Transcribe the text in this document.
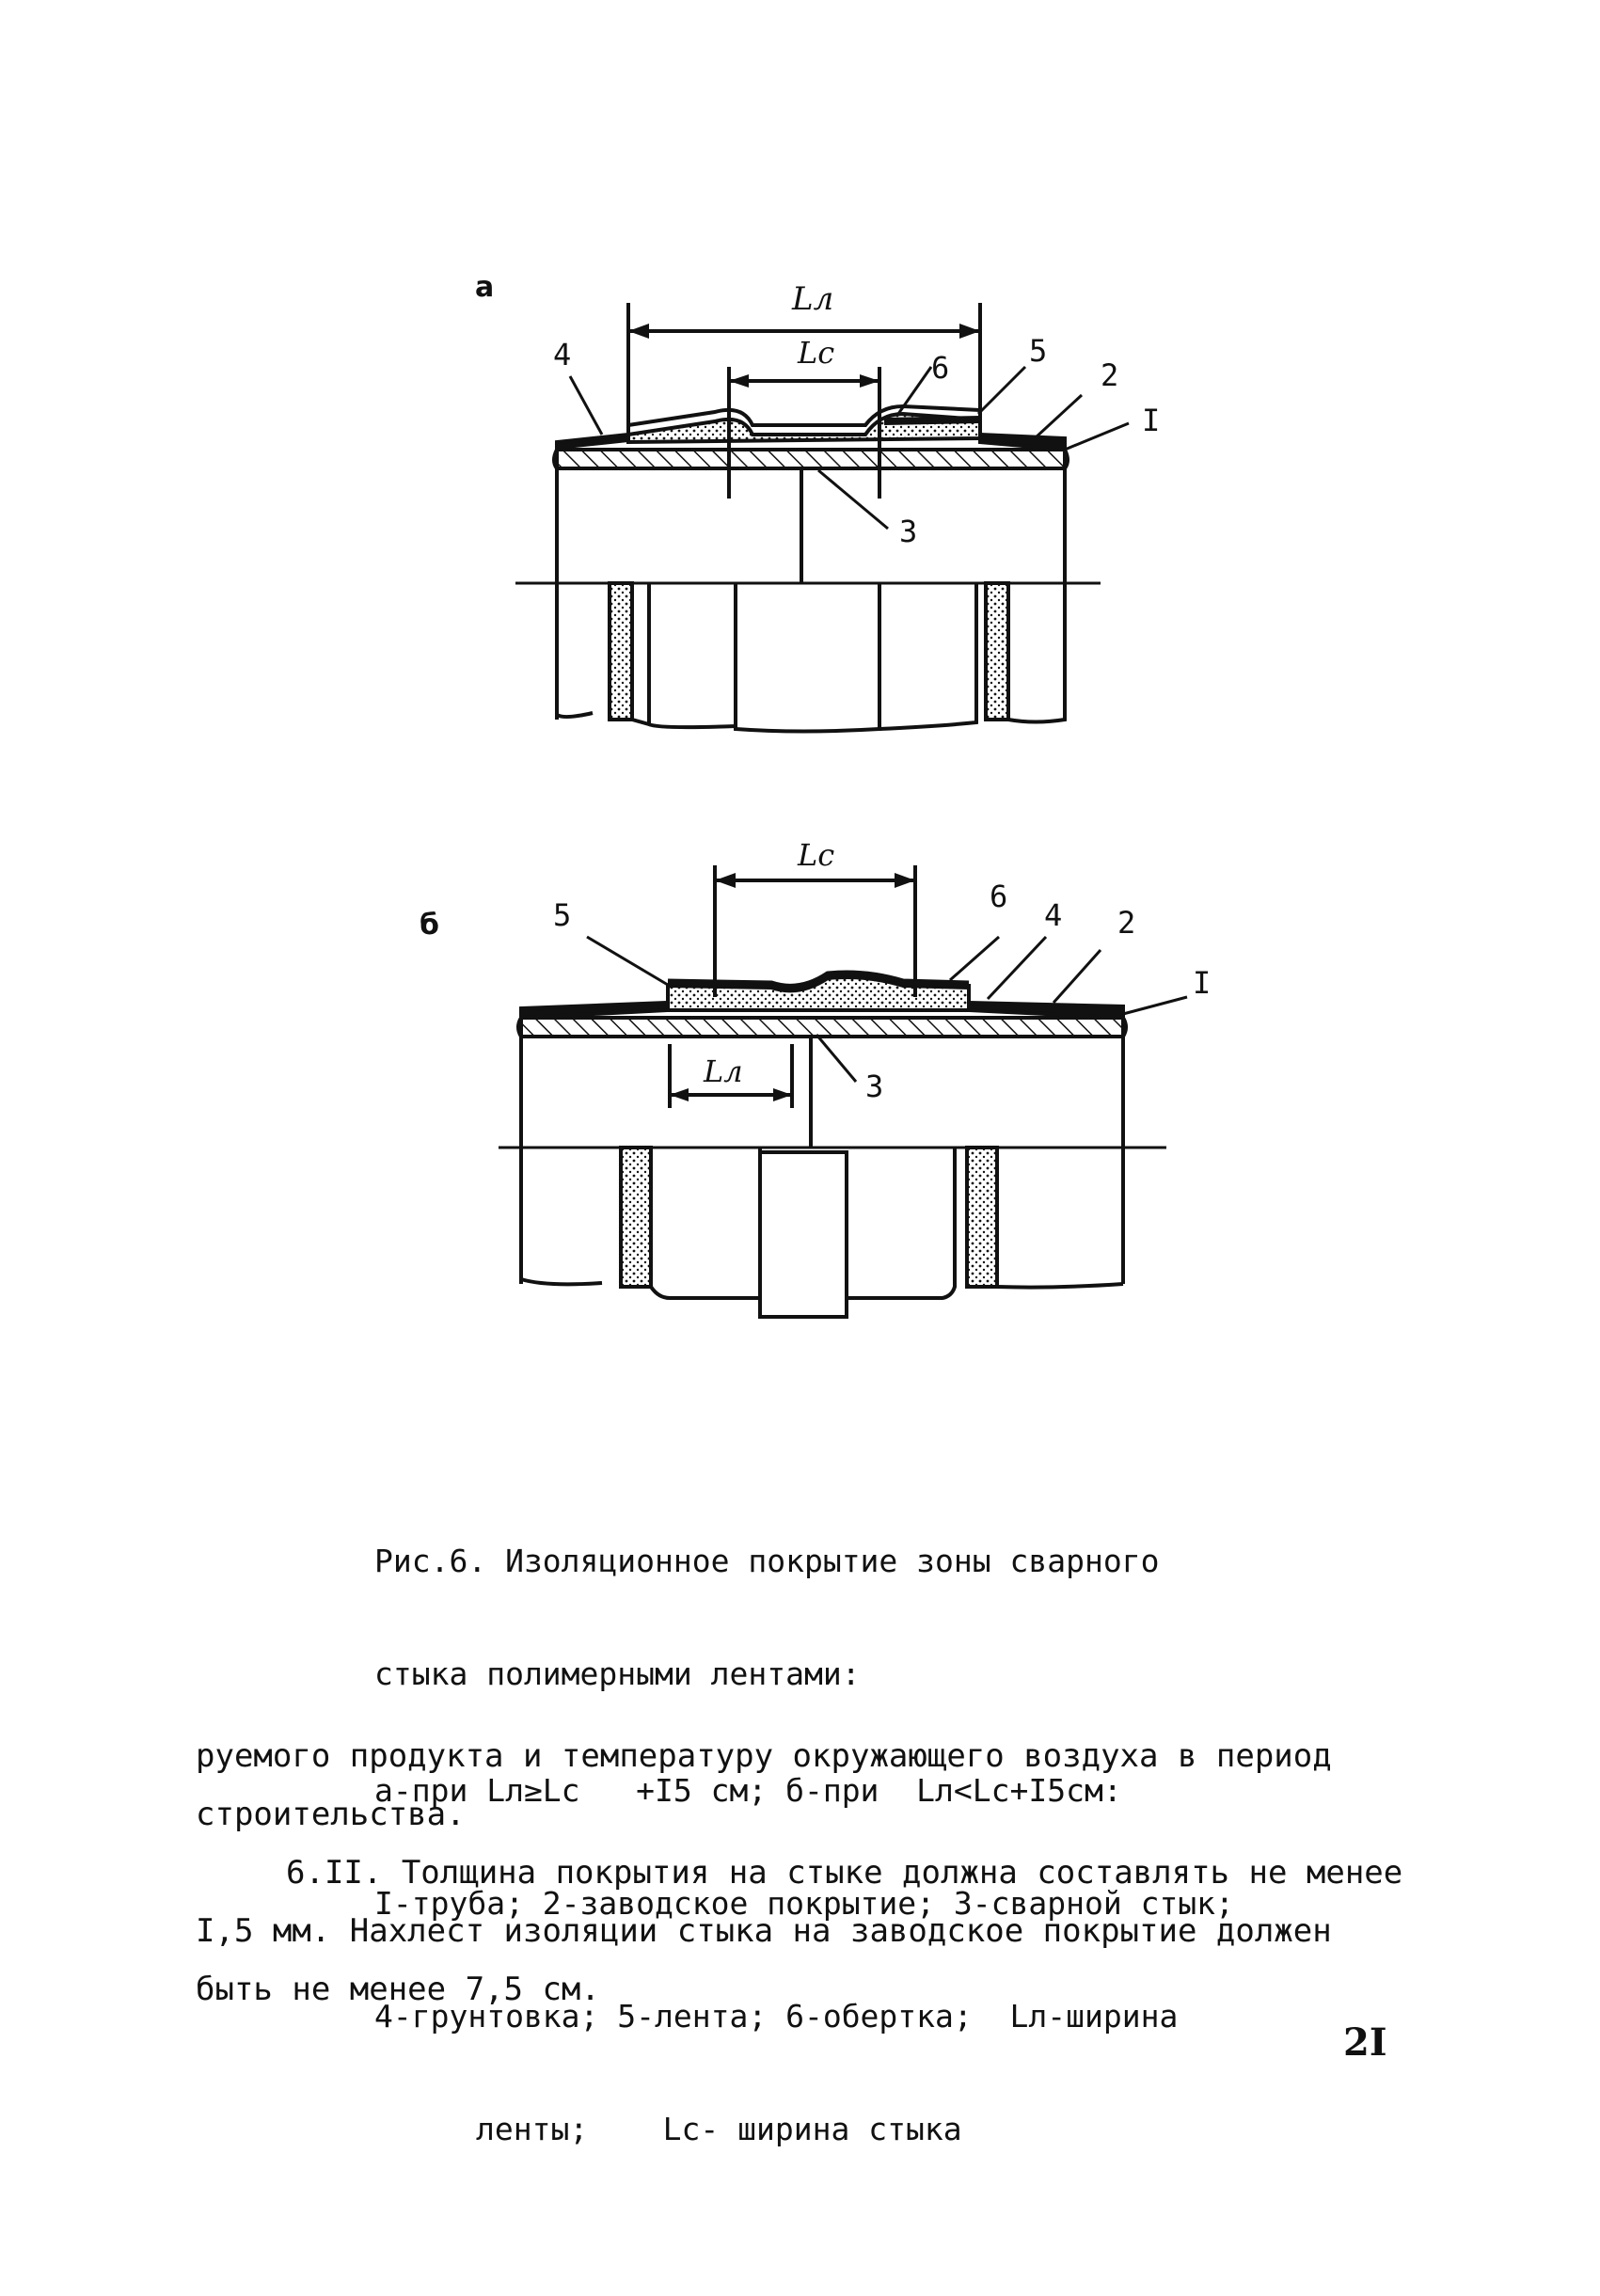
а	Lл
Lс
4	6	5
2
I
3
б
Lс
Lл
5
6
4 2
I
3

Рис.6. Изоляционное покрытие зоны сварного

стыка полимерными лентами:

а-при Lл≥Lс   +I5 см; б-при  Lл<Lс+I5см:

I-труба; 2-заводское покрытие; 3-сварной стык;

4-грунтовка; 5-лента; 6-обертка;  Lл-ширина

ленты;    Lс- ширина стыка

руемого продукта и температуру окружающего воздуха в период строительства.
6.II. Толщина покрытия на стыке должна составлять не менее I,5 мм. Нахлест изоляции стыка на заводское покрытие должен быть не менее 7,5 см.
2I
